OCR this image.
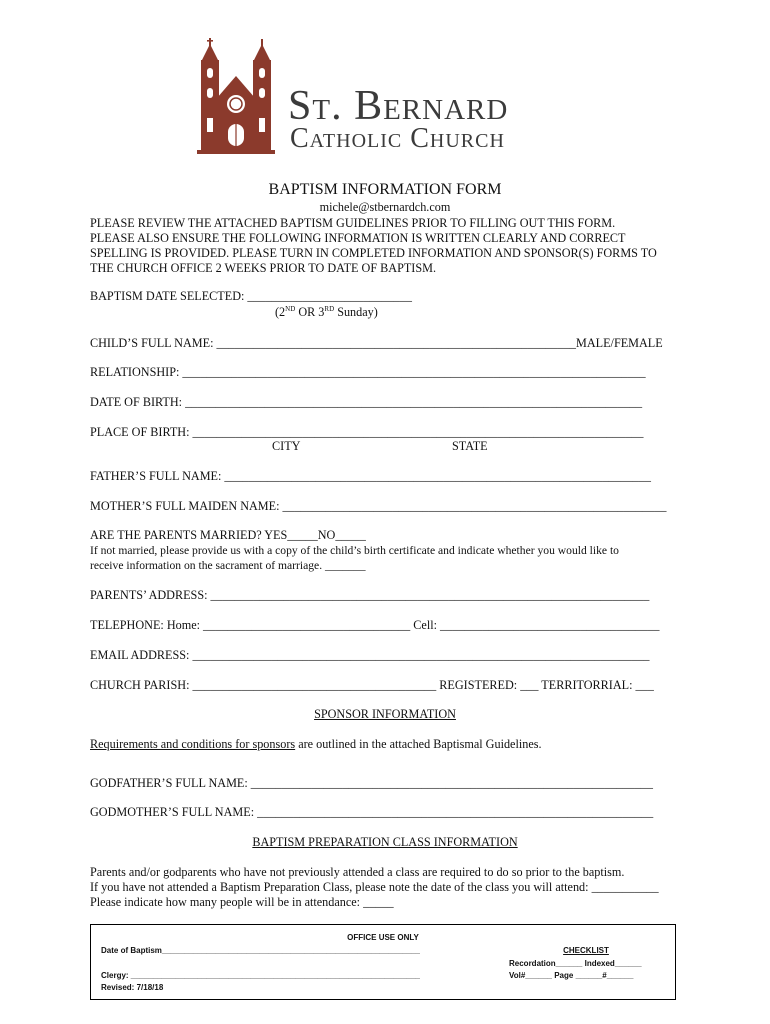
St. Bernard
Catholic Church
BAPTISM INFORMATION FORM
michele@stbernardch.com
PLEASE REVIEW THE ATTACHED BAPTISM GUIDELINES PRIOR TO FILLING OUT THIS FORM.
PLEASE ALSO ENSURE THE FOLLOWING INFORMATION IS WRITTEN CLEARLY AND CORRECT
SPELLING IS PROVIDED. PLEASE TURN IN COMPLETED INFORMATION AND SPONSOR(S) FORMS TO
THE CHURCH OFFICE 2 WEEKS PRIOR TO DATE OF BAPTISM.
BAPTISM DATE SELECTED: ___________________________
(2ND OR 3RD Sunday)
CHILD’S FULL NAME: ___________________________________________________________MALE/FEMALE
RELATIONSHIP: ____________________________________________________________________________
DATE OF BIRTH: ___________________________________________________________________________
PLACE OF BIRTH: __________________________________________________________________________
CITY	STATE
FATHER’S FULL NAME: ______________________________________________________________________
MOTHER’S FULL MAIDEN NAME: _______________________________________________________________
ARE THE PARENTS MARRIED? YES_____NO_____
If not married, please provide us with a copy of the child’s birth certificate and indicate whether you would like to
receive information on the sacrament of marriage. _______
PARENTS’ ADDRESS: ________________________________________________________________________
TELEPHONE: Home: __________________________________ Cell: ____________________________________
EMAIL ADDRESS: ___________________________________________________________________________
CHURCH PARISH: ________________________________________ REGISTERED: ___ TERRITORRIAL: ___
SPONSOR INFORMATION
Requirements and conditions for sponsors are outlined in the attached Baptismal Guidelines.
GODFATHER’S FULL NAME: __________________________________________________________________
GODMOTHER’S FULL NAME: _________________________________________________________________
BAPTISM PREPARATION CLASS INFORMATION
Parents and/or godparents who have not previously attended a class are required to do so prior to the baptism.
If you have not attended a Baptism Preparation Class, please note the date of the class you will attend: ___________
Please indicate how many people will be in attendance: _____
OFFICE USE ONLY
Date of Baptism__________________________________________________________
Clergy: _________________________________________________________________
Revised: 7/18/18
CHECKLIST
Recordation______ Indexed______
Vol#______ Page ______#______
